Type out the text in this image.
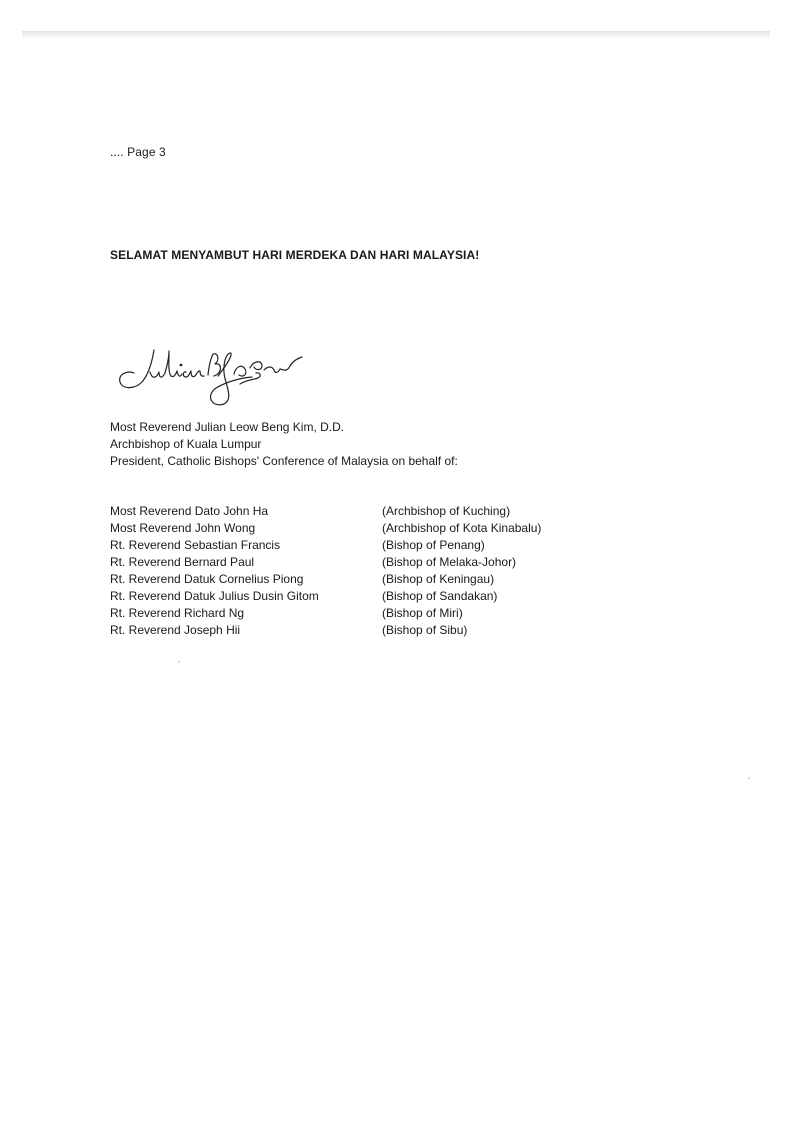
.... Page 3
SELAMAT MENYAMBUT HARI MERDEKA DAN HARI MALAYSIA!
Most Reverend Julian Leow Beng Kim, D.D.
Archbishop of Kuala Lumpur
President, Catholic Bishops' Conference of Malaysia on behalf of:
Most Reverend Dato John Ha	(Archbishop of Kuching)
Most Reverend John Wong	(Archbishop of Kota Kinabalu)
Rt. Reverend Sebastian Francis	(Bishop of Penang)
Rt. Reverend Bernard Paul	(Bishop of Melaka-Johor)
Rt. Reverend Datuk Cornelius Piong	(Bishop of Keningau)
Rt. Reverend Datuk Julius Dusin Gitom	(Bishop of Sandakan)
Rt. Reverend Richard Ng	(Bishop of Miri)
Rt. Reverend Joseph Hii	(Bishop of Sibu)
